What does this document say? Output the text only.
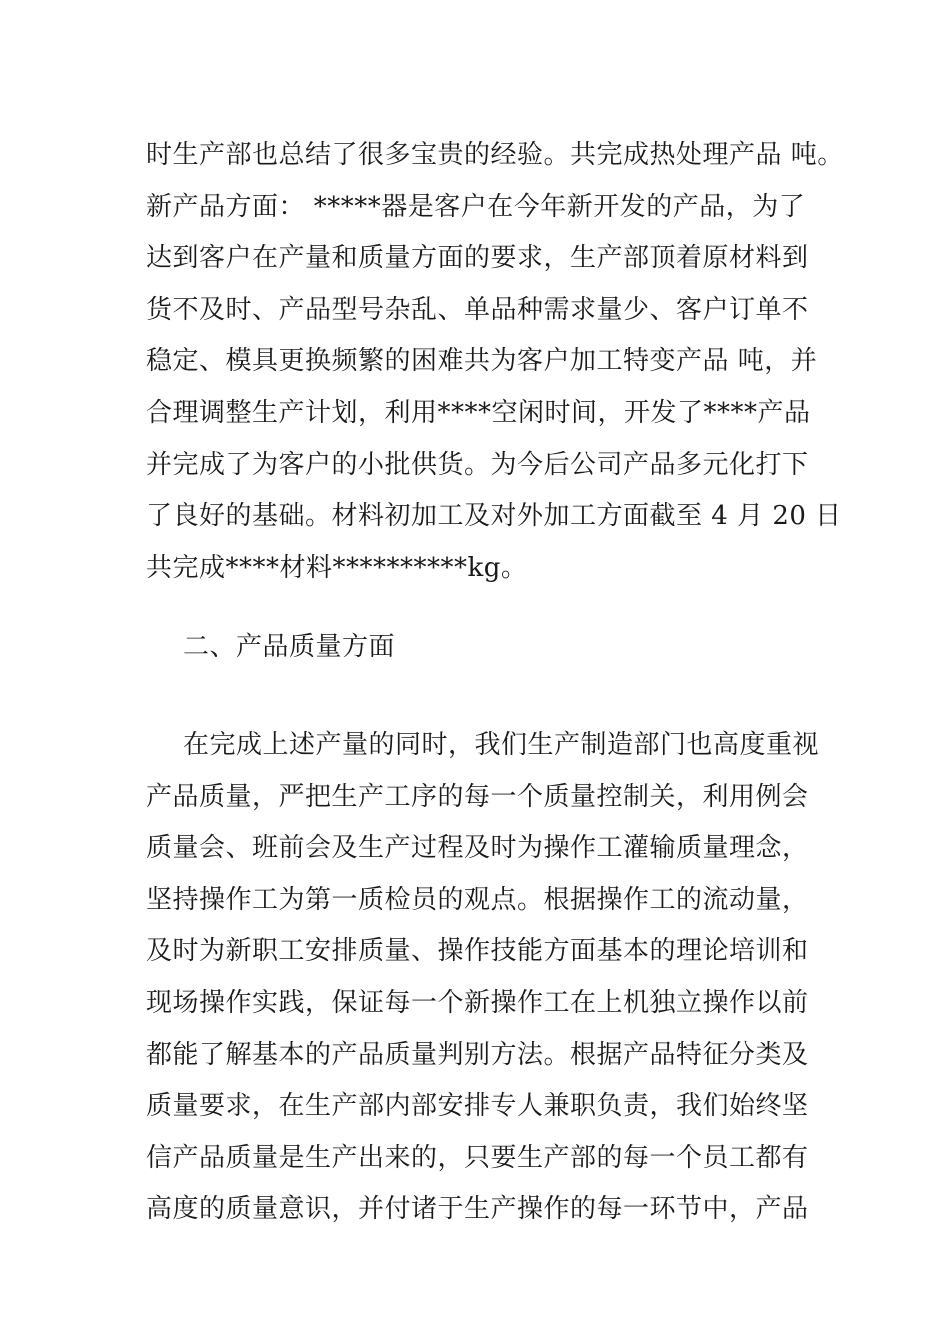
时生产部也总结了很多宝贵的经验。共完成热处理产品 吨。
新产品方面： *****器是客户在今年新开发的产品，为了
达到客户在产量和质量方面的要求，生产部顶着原材料到
货不及时、产品型号杂乱、单品种需求量少、客户订单不
稳定、模具更换频繁的困难共为客户加工特变产品 吨，并
合理调整生产计划，利用****空闲时间，开发了****产品
并完成了为客户的小批供货。为今后公司产品多元化打下
了良好的基础。材料初加工及对外加工方面截至 4 月 20 日
共完成****材料**********kg。
二、产品质量方面
在完成上述产量的同时，我们生产制造部门也高度重视
产品质量，严把生产工序的每一个质量控制关，利用例会
质量会、班前会及生产过程及时为操作工灌输质量理念，
坚持操作工为第一质检员的观点。根据操作工的流动量，
及时为新职工安排质量、操作技能方面基本的理论培训和
现场操作实践，保证每一个新操作工在上机独立操作以前
都能了解基本的产品质量判别方法。根据产品特征分类及
质量要求，在生产部内部安排专人兼职负责，我们始终坚
信产品质量是生产出来的，只要生产部的每一个员工都有
高度的质量意识，并付诸于生产操作的每一环节中，产品
